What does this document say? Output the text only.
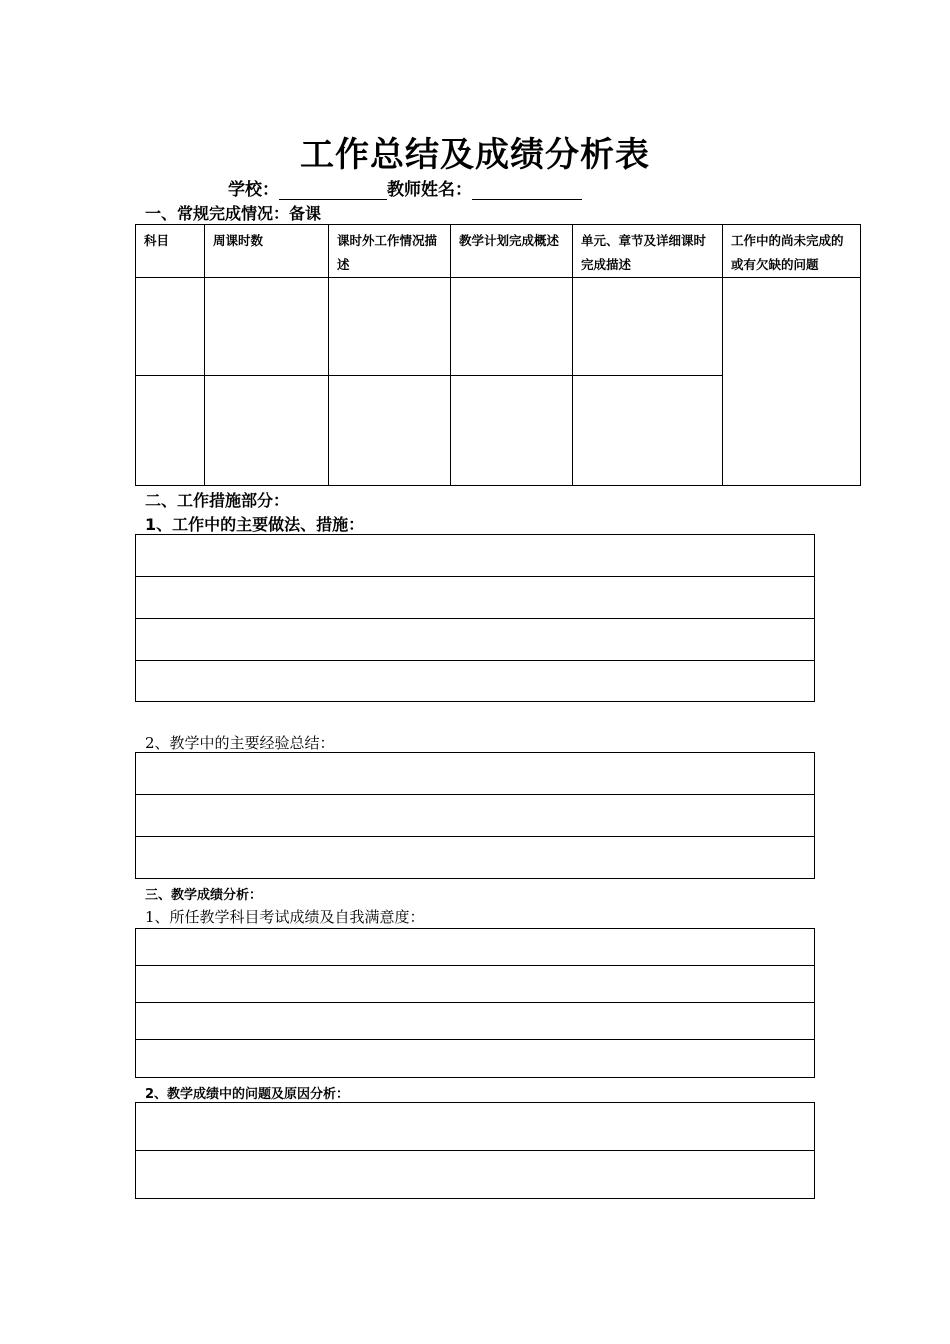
工作总结及成绩分析表
学校：	教师姓名：
一、常规完成情况：备课
科目	周课时数	课时外工作情况描述	教学计划完成概述	单元、章节及详细课时完成描述	工作中的尚未完成的或有欠缺的问题

二、工作措施部分：
1、工作中的主要做法、措施：
2、教学中的主要经验总结：
三、教学成绩分析：
1、所任教学科目考试成绩及自我满意度：
2、教学成绩中的问题及原因分析：
